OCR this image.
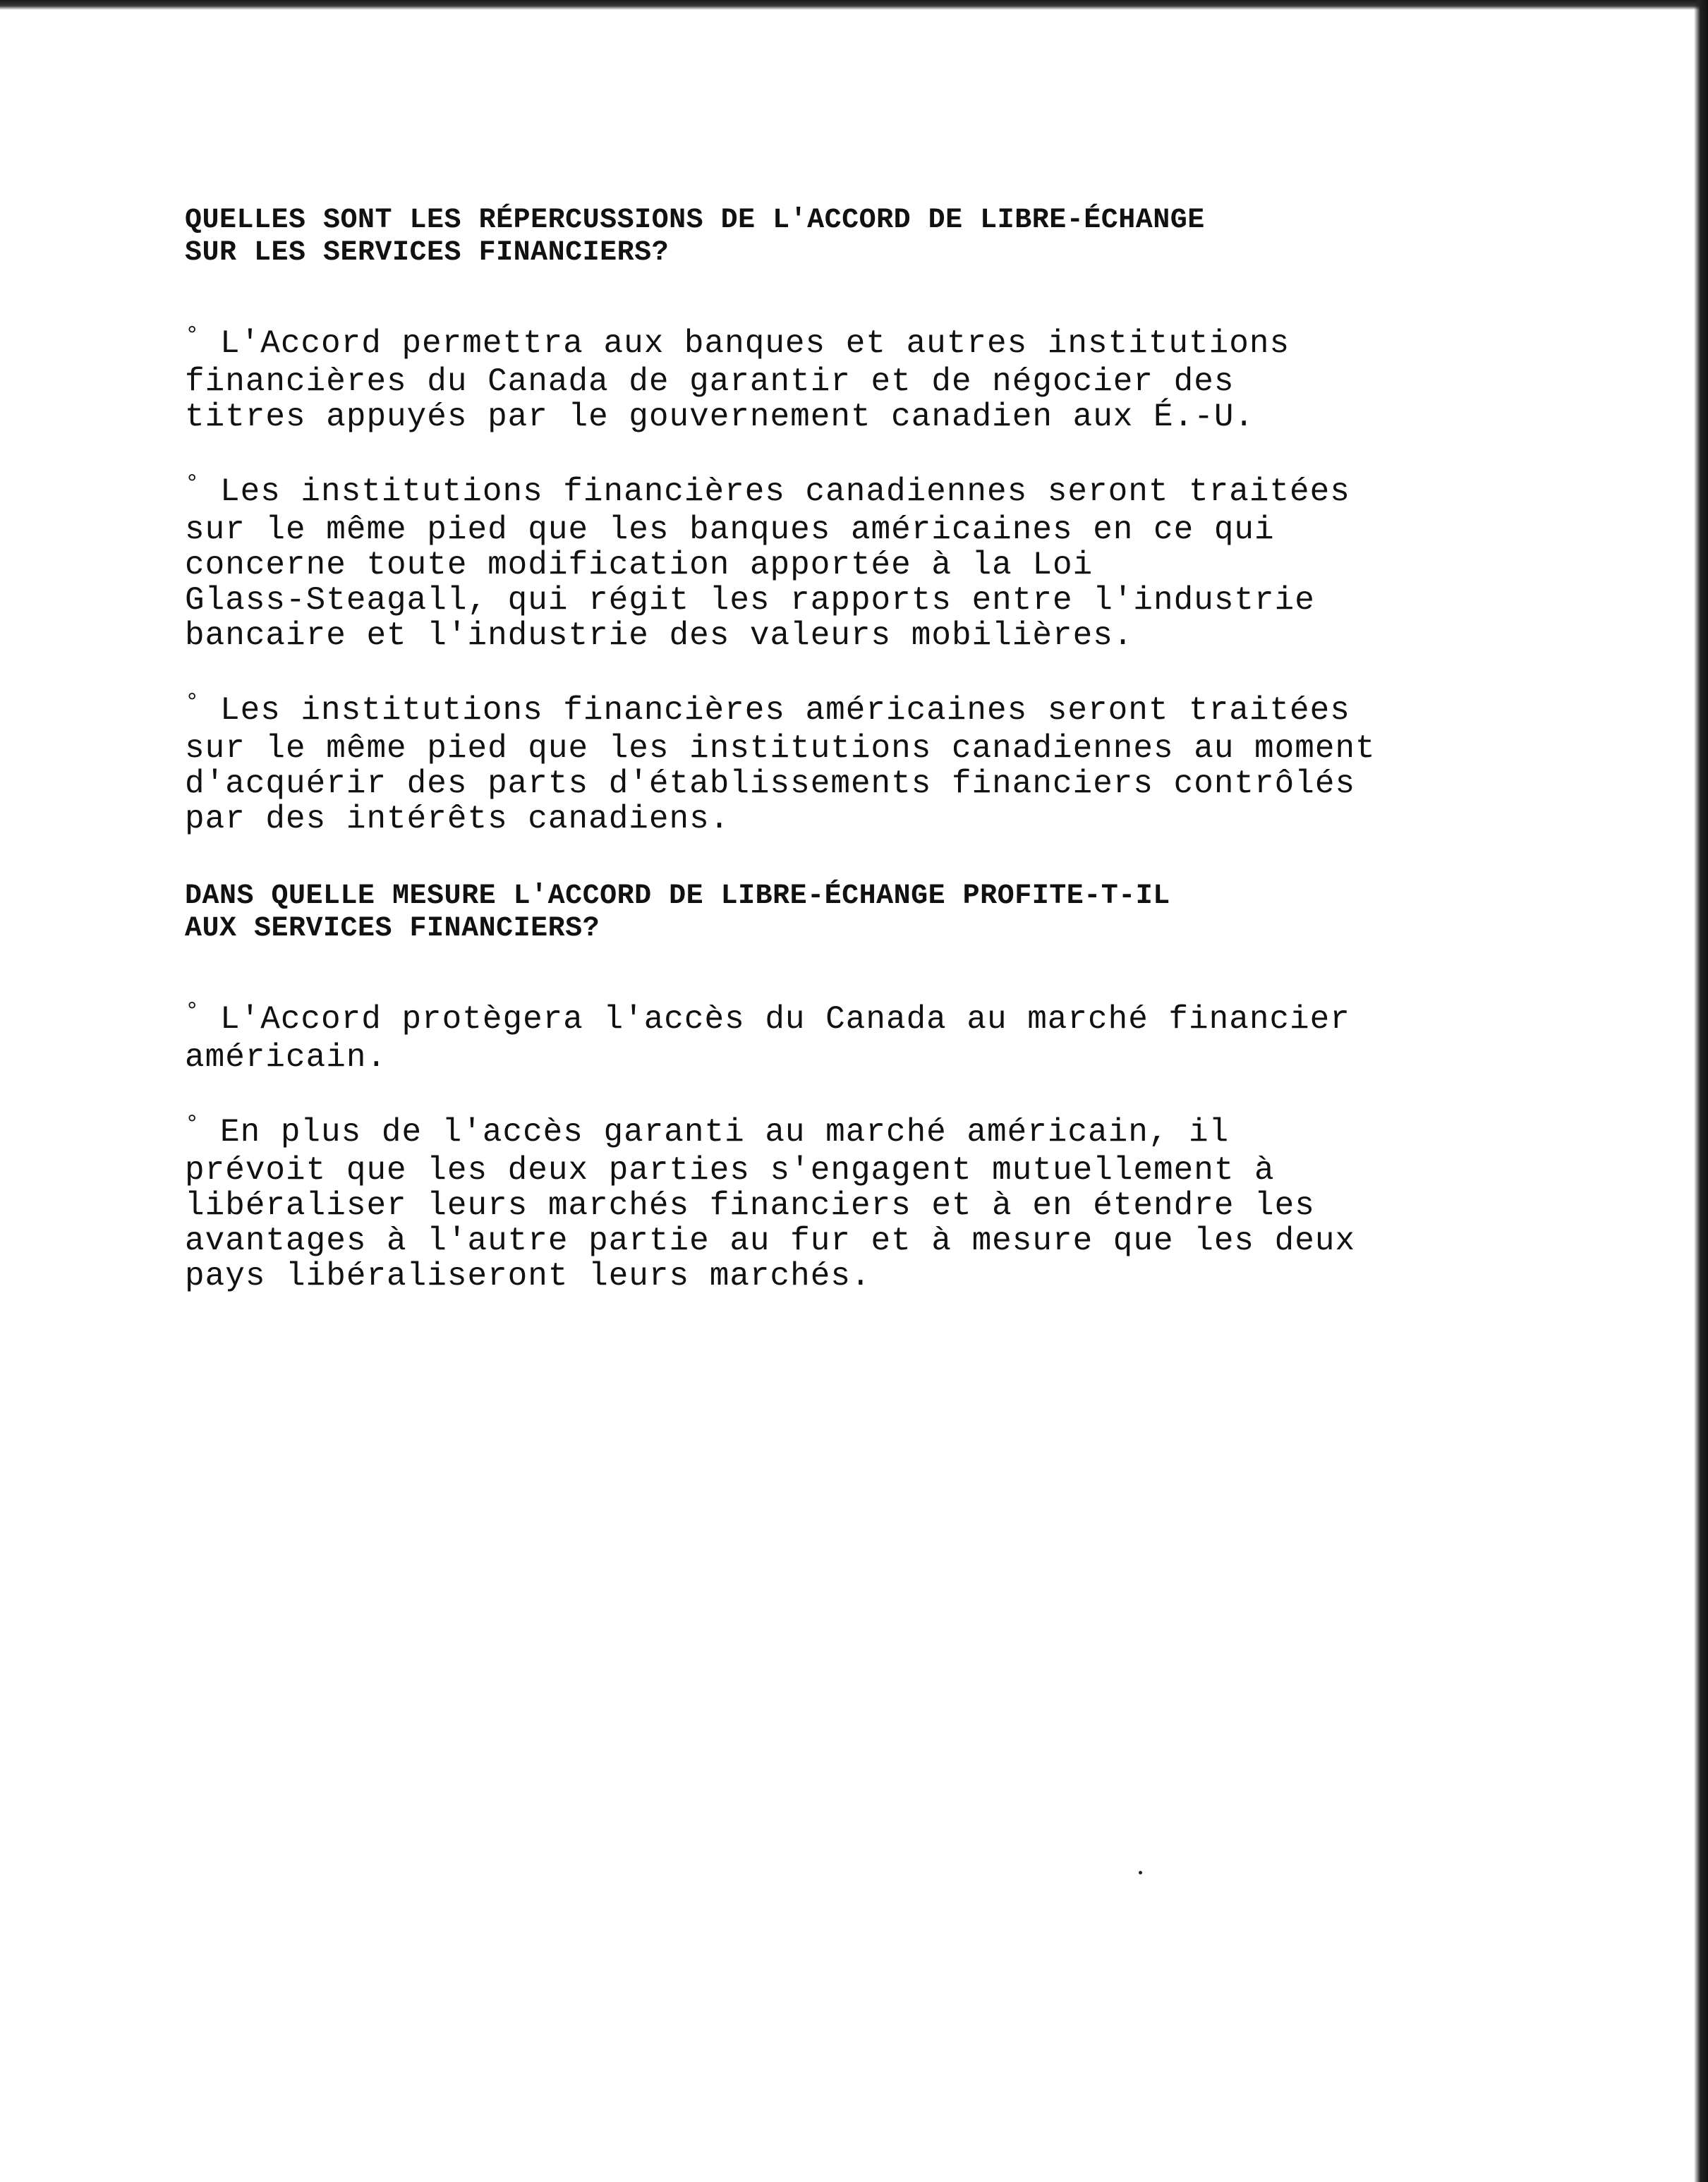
QUELLES SONT LES RÉPERCUSSIONS DE L'ACCORD DE LIBRE-ÉCHANGE
SUR LES SERVICES FINANCIERS?

° L'Accord permettra aux banques et autres institutions
financières du Canada de garantir et de négocier des
titres appuyés par le gouvernement canadien aux É.-U.

° Les institutions financières canadiennes seront traitées
sur le même pied que les banques américaines en ce qui
concerne toute modification apportée à la Loi
Glass-Steagall, qui régit les rapports entre l'industrie
bancaire et l'industrie des valeurs mobilières.

° Les institutions financières américaines seront traitées
sur le même pied que les institutions canadiennes au moment
d'acquérir des parts d'établissements financiers contrôlés
par des intérêts canadiens.

DANS QUELLE MESURE L'ACCORD DE LIBRE-ÉCHANGE PROFITE-T-IL
AUX SERVICES FINANCIERS?

° L'Accord protègera l'accès du Canada au marché financier
américain.

° En plus de l'accès garanti au marché américain, il
prévoit que les deux parties s'engagent mutuellement à
libéraliser leurs marchés financiers et à en étendre les
avantages à l'autre partie au fur et à mesure que les deux
pays libéraliseront leurs marchés.
